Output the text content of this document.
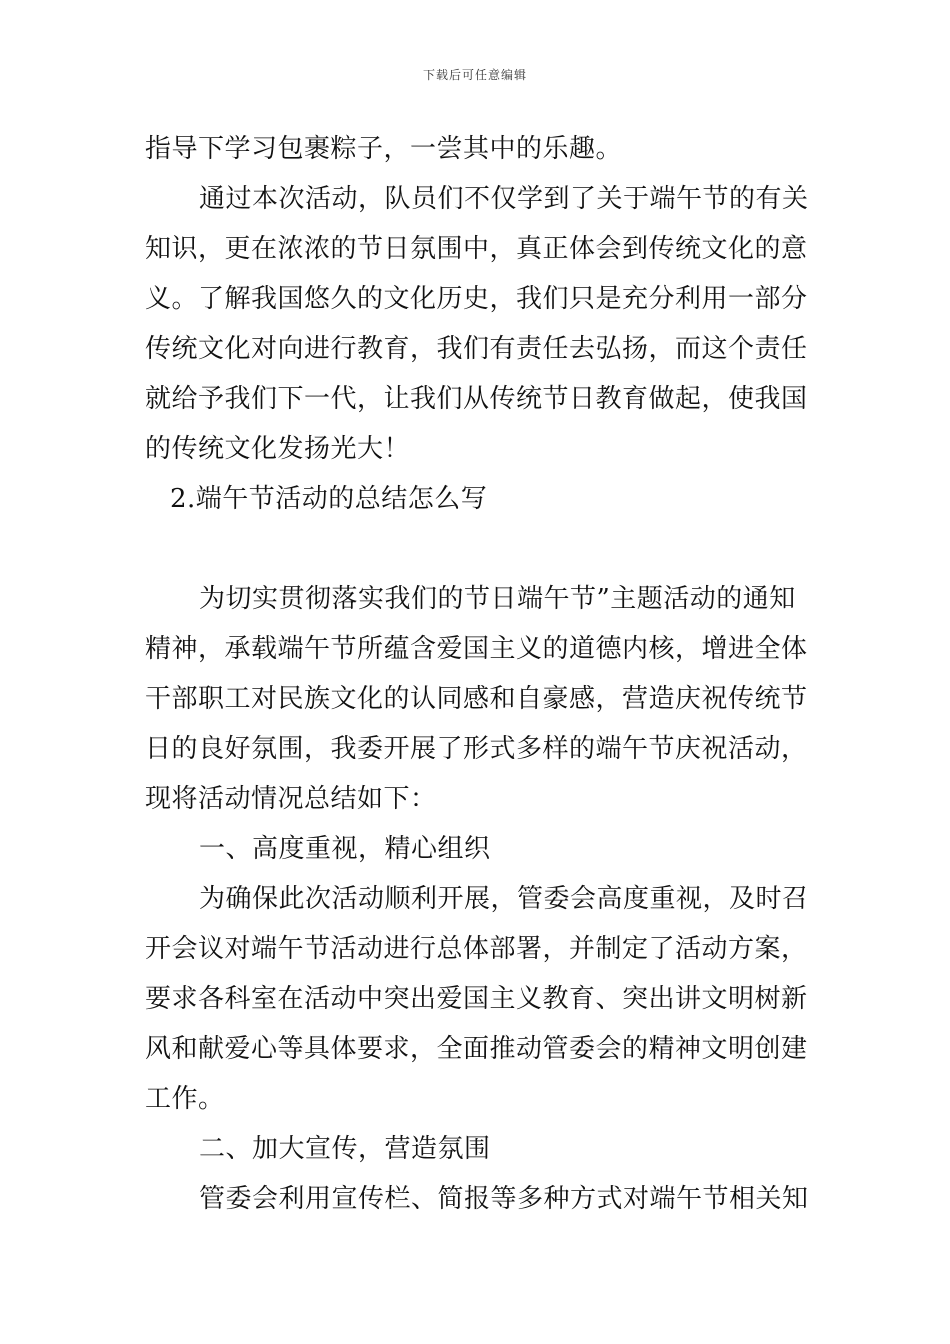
下载后可任意编辑
指导下学习包裹粽子，一尝其中的乐趣。
通过本次活动，队员们不仅学到了关于端午节的有关
知识，更在浓浓的节日氛围中，真正体会到传统文化的意
义。了解我国悠久的文化历史，我们只是充分利用一部分
传统文化对向进行教育，我们有责任去弘扬，而这个责任
就给予我们下一代，让我们从传统节日教育做起，使我国
的传统文化发扬光大！
2.端午节活动的总结怎么写
为切实贯彻落实我们的节日端午节”主题活动的通知
精神，承载端午节所蕴含爱国主义的道德内核，增进全体
干部职工对民族文化的认同感和自豪感，营造庆祝传统节
日的良好氛围，我委开展了形式多样的端午节庆祝活动，
现将活动情况总结如下：
一、高度重视，精心组织
为确保此次活动顺利开展，管委会高度重视，及时召
开会议对端午节活动进行总体部署，并制定了活动方案，
要求各科室在活动中突出爱国主义教育、突出讲文明树新
风和献爱心等具体要求，全面推动管委会的精神文明创建
工作。
二、加大宣传，营造氛围
管委会利用宣传栏、简报等多种方式对端午节相关知
